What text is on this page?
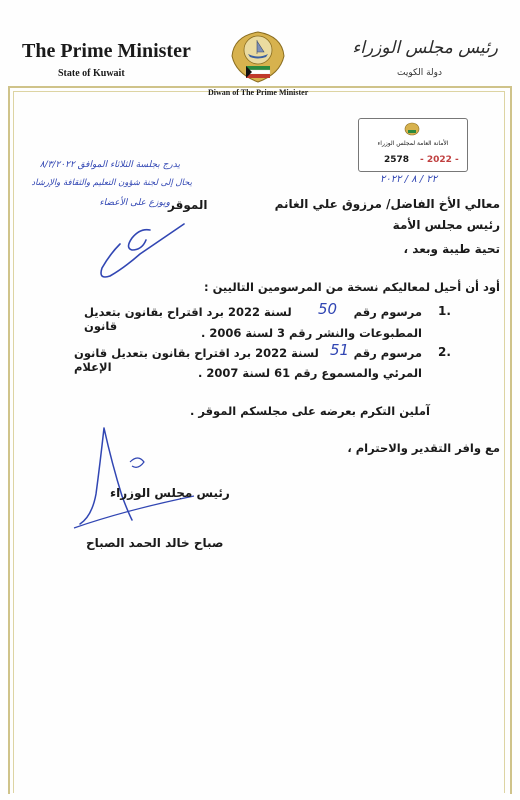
The Prime Minister
State of Kuwait
رئيس مجلس الوزراء
دولة الكويت
Diwan of The Prime Minister
الأمانة العامة لمجلس الوزراء
2578 - 2022 -
٢٢ / ٨ / ٢٠٢٢
يدرج بجلسة الثلاثاء الموافق ٨/٣/٢٠٢٢
يحال إلى لجنة شؤون التعليم والثقافة والإرشاد
ويوزع على الأعضاء
الموقر	معالي الأخ الفاضل/ مرزوق علي الغانم
رئيس مجلس الأمة
تحية طيبة وبعد ،
أود أن أحيل لمعاليكم نسخة من المرسومين التاليين :
1.
مرسوم رقم
50
لسنة 2022 برد اقتراح بقانون بتعديل قانون	المطبوعات والنشر رقم 3 لسنة 2006 .
2.
مرسوم رقم
51
لسنة 2022 برد اقتراح بقانون بتعديل قانون الإعلام	المرئي والمسموع رقم 61 لسنة 2007 .
آملين التكرم بعرضه على مجلسكم الموقر .
مع وافر التقدير والاحترام ،
رئيس مجلس الوزراء
صباح خالد الحمد الصباح
